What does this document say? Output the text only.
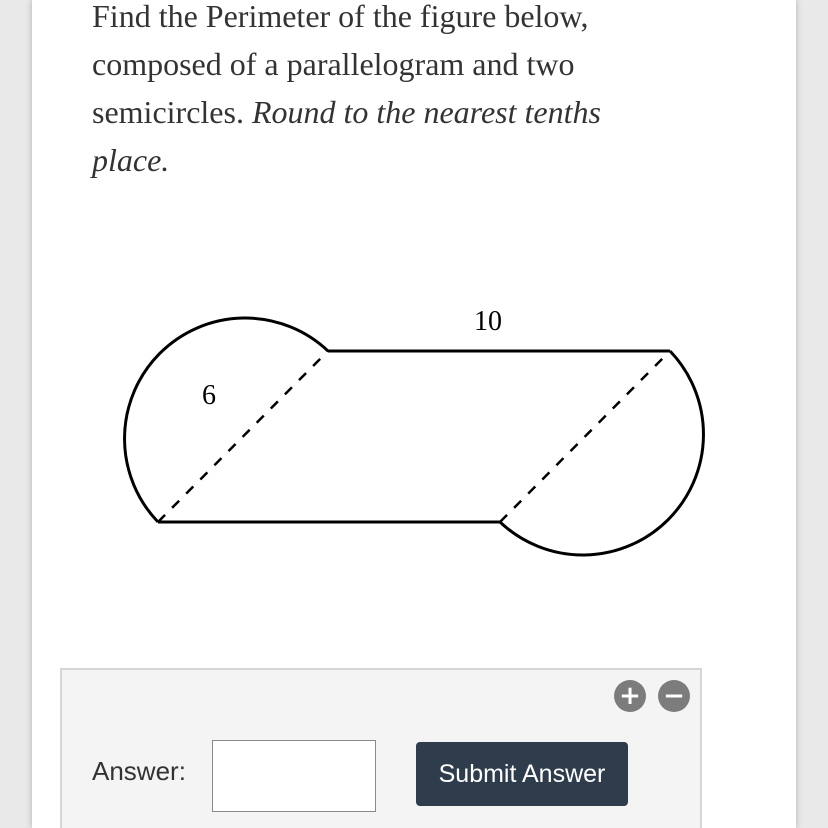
Find the Perimeter of the figure below,
composed of a parallelogram and two
semicircles. Round to the nearest tenths
place.
10
6
+ −
Answer:	Submit Answer
